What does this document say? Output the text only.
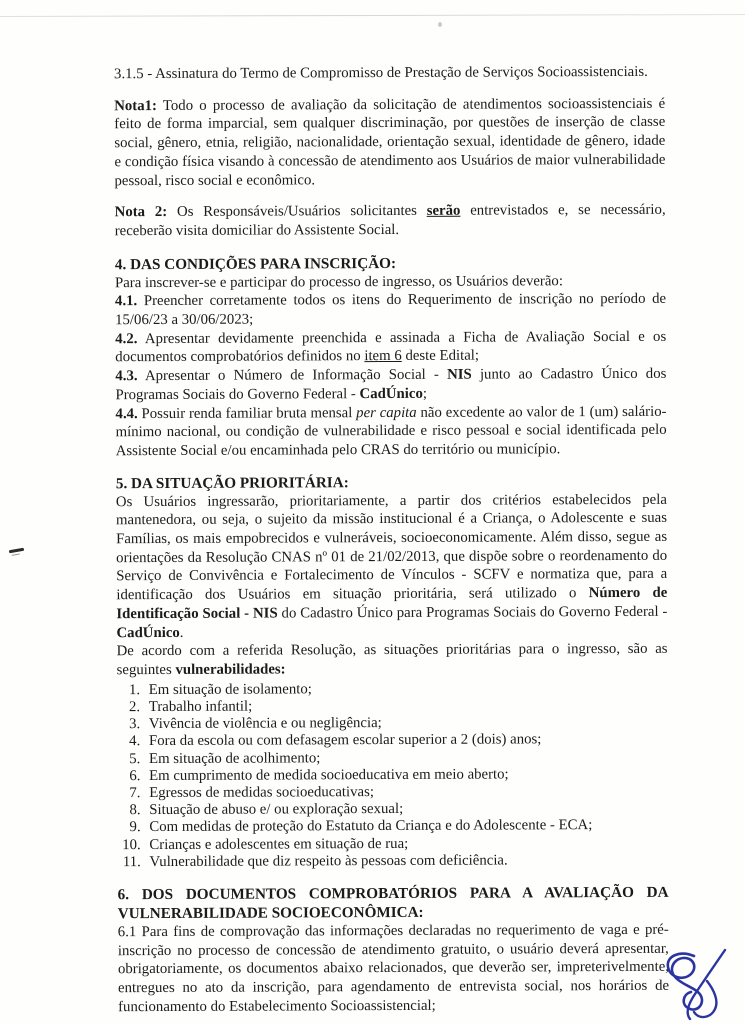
3.1.5 - Assinatura do Termo de Compromisso de Prestação de Serviços Socioassistenciais.

Nota1: Todo o processo de avaliação da solicitação de atendimentos socioassistenciais é feito de forma imparcial, sem qualquer discriminação, por questões de inserção de classe social, gênero, etnia, religião, nacionalidade, orientação sexual, identidade de gênero, idade e condição física visando à concessão de atendimento aos Usuários de maior vulnerabilidade pessoal, risco social e econômico.

Nota 2: Os Responsáveis/Usuários solicitantes serão entrevistados e, se necessário, receberão visita domiciliar do Assistente Social.

4. DAS CONDIÇÕES PARA INSCRIÇÃO:

Para inscrever-se e participar do processo de ingresso, os Usuários deverão:

4.1. Preencher corretamente todos os itens do Requerimento de inscrição no período de 15/06/23 a 30/06/2023;

4.2. Apresentar devidamente preenchida e assinada a Ficha de Avaliação Social e os documentos comprobatórios definidos no item 6 deste Edital;

4.3. Apresentar o Número de Informação Social - NIS junto ao Cadastro Único dos Programas Sociais do Governo Federal - CadÚnico;

4.4. Possuir renda familiar bruta mensal per capita não excedente ao valor de 1 (um) salário-mínimo nacional, ou condição de vulnerabilidade e risco pessoal e social identificada pelo Assistente Social e/ou encaminhada pelo CRAS do território ou município.

5. DA SITUAÇÃO PRIORITÁRIA:

Os Usuários ingressarão, prioritariamente, a partir dos critérios estabelecidos pela mantenedora, ou seja, o sujeito da missão institucional é a Criança, o Adolescente e suas Famílias, os mais empobrecidos e vulneráveis, socioeconomicamente. Além disso, segue as orientações da Resolução CNAS nº 01 de 21/02/2013, que dispõe sobre o reordenamento do Serviço de Convivência e Fortalecimento de Vínculos - SCFV e normatiza que, para a identificação dos Usuários em situação prioritária, será utilizado o Número de Identificação Social - NIS do Cadastro Único para Programas Sociais do Governo Federal - CadÚnico.

De acordo com a referida Resolução, as situações prioritárias para o ingresso, são as seguintes vulnerabilidades:

1. Em situação de isolamento;
2. Trabalho infantil;
3. Vivência de violência e ou negligência;
4. Fora da escola ou com defasagem escolar superior a 2 (dois) anos;
5. Em situação de acolhimento;
6. Em cumprimento de medida socioeducativa em meio aberto;
7. Egressos de medidas socioeducativas;
8. Situação de abuso e/ ou exploração sexual;
9. Com medidas de proteção do Estatuto da Criança e do Adolescente - ECA;
10. Crianças e adolescentes em situação de rua;
11. Vulnerabilidade que diz respeito às pessoas com deficiência.
6. DOS DOCUMENTOS COMPROBATÓRIOS PARA A AVALIAÇÃO DA VULNERABILIDADE SOCIOECONÔMICA:

6.1 Para fins de comprovação das informações declaradas no requerimento de vaga e pré-inscrição no processo de concessão de atendimento gratuito, o usuário deverá apresentar, obrigatoriamente, os documentos abaixo relacionados, que deverão ser, impreterivelmente, entregues no ato da inscrição, para agendamento de entrevista social, nos horários de funcionamento do Estabelecimento Socioassistencial;
